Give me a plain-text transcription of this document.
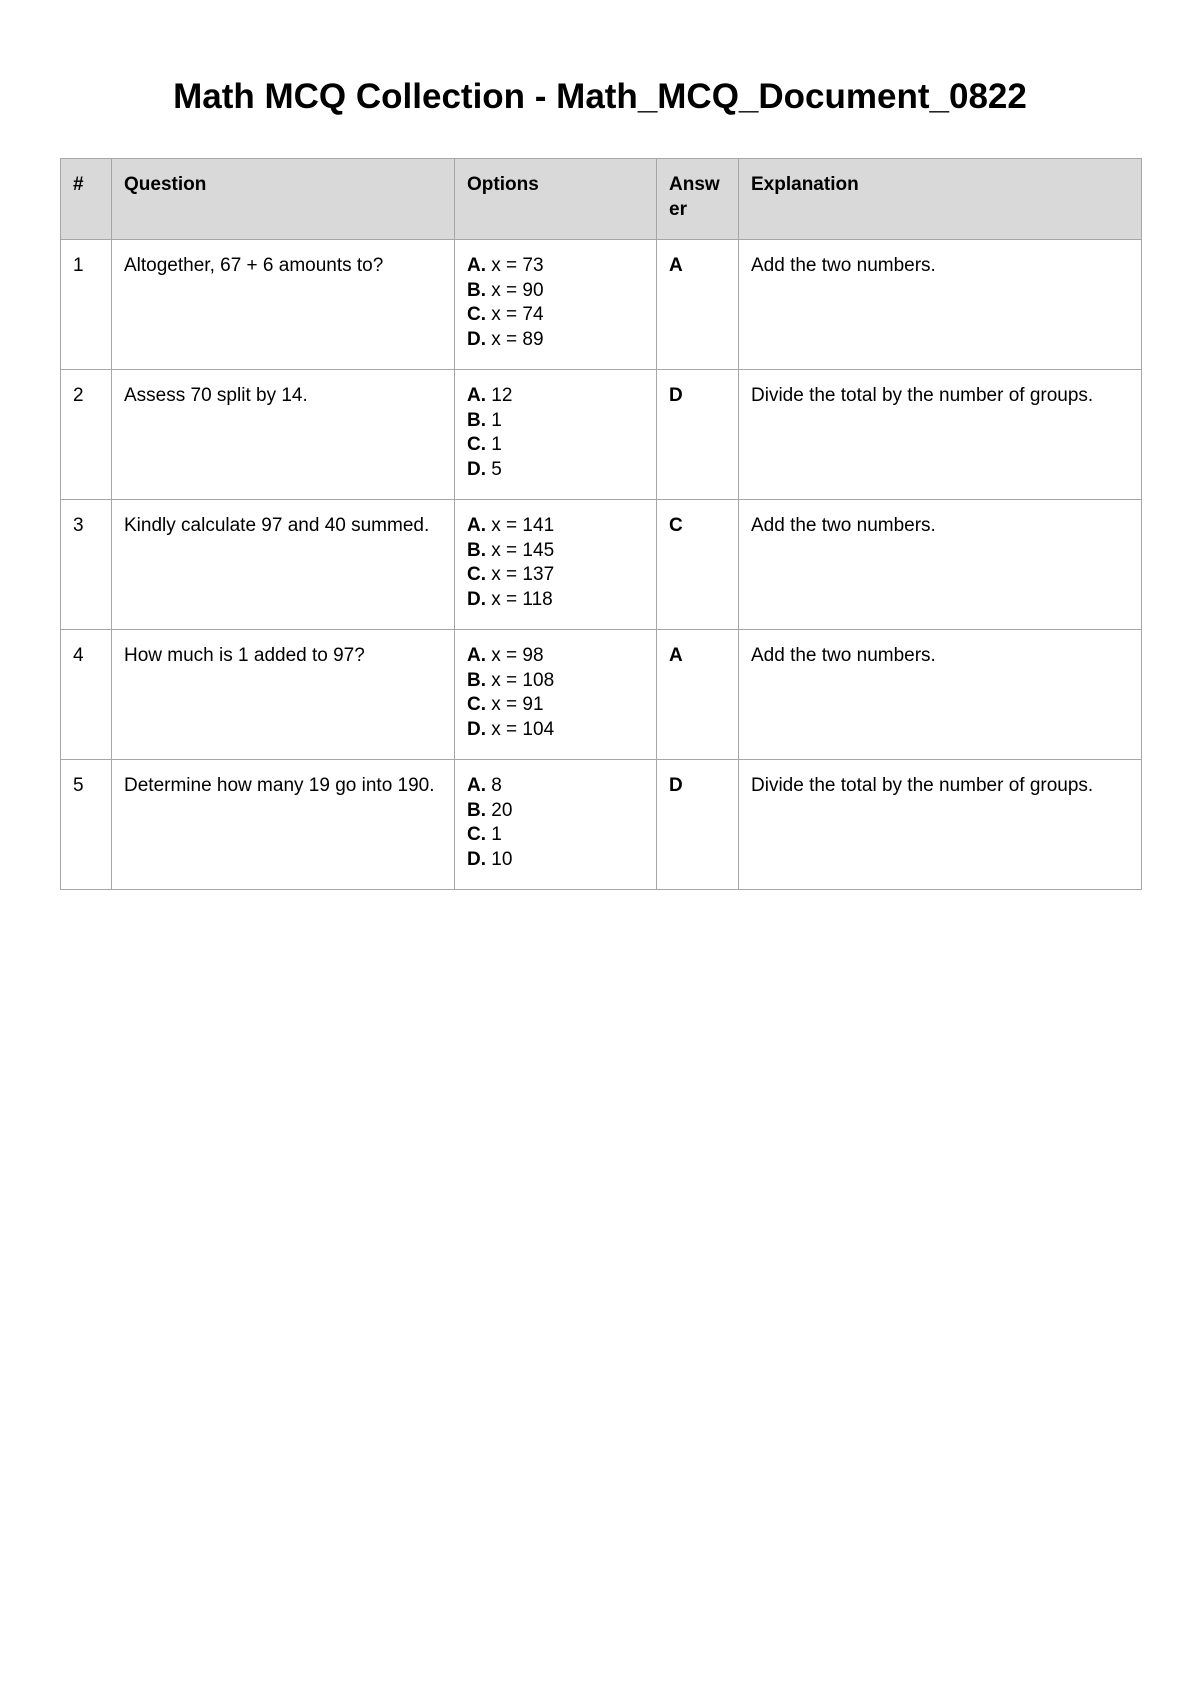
Math MCQ Collection - Math_MCQ_Document_0822
#	Question	Options	Answ er	Explanation
1	Altogether, 67 + 6 amounts to?	A. x = 73
B. x = 90
C. x = 74
D. x = 89	A	Add the two numbers.
2	Assess 70 split by 14.	A. 12
B. 1
C. 1
D. 5	D	Divide the total by the number of groups.
3	Kindly calculate 97 and 40 summed.	A. x = 141
B. x = 145
C. x = 137
D. x = 118	C	Add the two numbers.
4	How much is 1 added to 97?	A. x = 98
B. x = 108
C. x = 91
D. x = 104	A	Add the two numbers.
5	Determine how many 19 go into 190.	A. 8
B. 20
C. 1
D. 10	D	Divide the total by the number of groups.
